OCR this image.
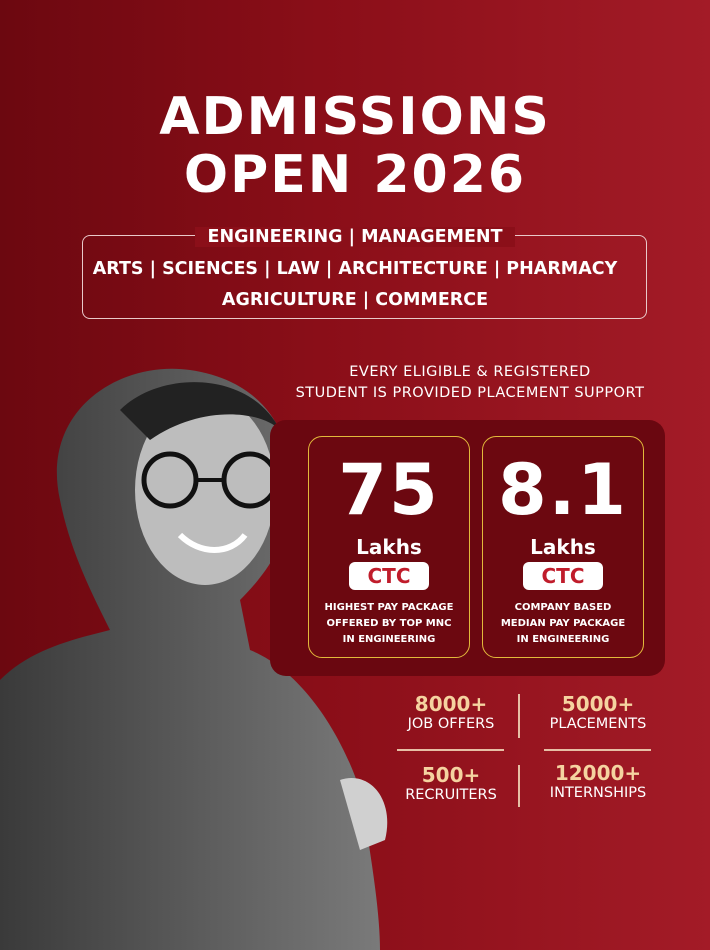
ADMISSIONS
OPEN 2026
ENGINEERING | MANAGEMENT
ARTS | SCIENCES | LAW | ARCHITECTURE | PHARMACY
AGRICULTURE | COMMERCE
EVERY ELIGIBLE & REGISTERED
STUDENT IS PROVIDED PLACEMENT SUPPORT
75
Lakhs
CTC
HIGHEST PAY PACKAGE
OFFERED BY TOP MNC
IN ENGINEERING
8.1
Lakhs
CTC
COMPANY BASED
MEDIAN PAY PACKAGE
IN ENGINEERING
8000+
JOB OFFERS
5000+
PLACEMENTS
500+
RECRUITERS
12000+
INTERNSHIPS
